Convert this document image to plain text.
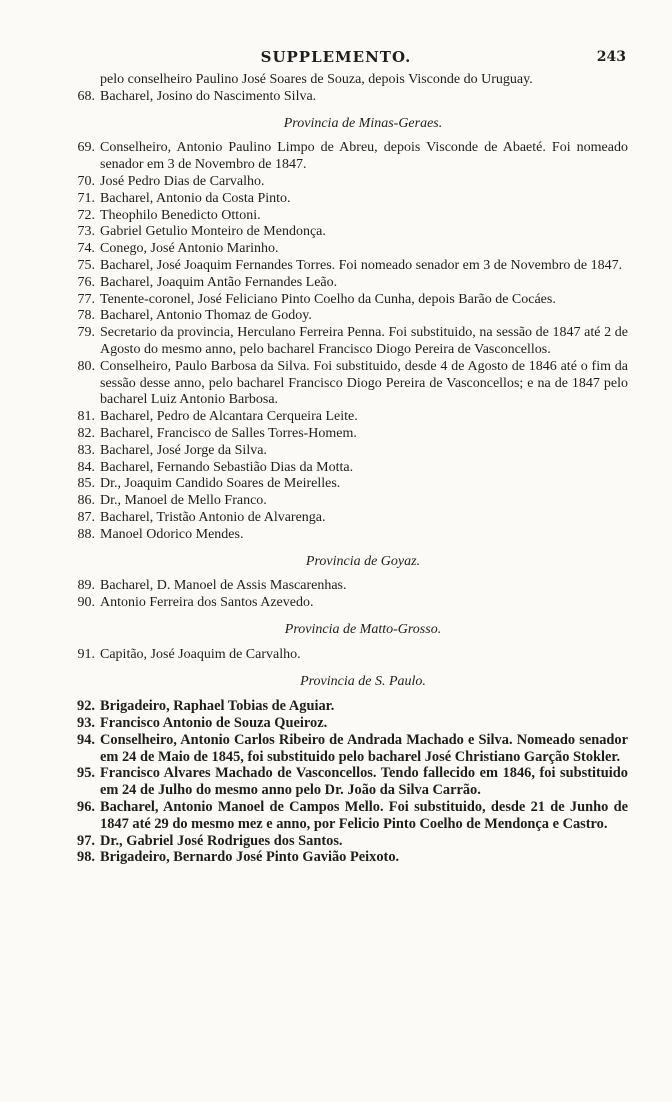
SUPPLEMENTO.	243
pelo conselheiro Paulino José Soares de Souza, depois Visconde do Uruguay.
68. Bacharel, Josino do Nascimento Silva.
Provincia de Minas-Geraes.
69. Conselheiro, Antonio Paulino Limpo de Abreu, depois Visconde de Abaeté. Foi nomeado senador em 3 de Novembro de 1847.
70. José Pedro Dias de Carvalho.
71. Bacharel, Antonio da Costa Pinto.
72. Theophilo Benedicto Ottoni.
73. Gabriel Getulio Monteiro de Mendonça.
74. Conego, José Antonio Marinho.
75. Bacharel, José Joaquim Fernandes Torres. Foi nomeado senador em 3 de Novembro de 1847.
76. Bacharel, Joaquim Antão Fernandes Leão.
77. Tenente-coronel, José Feliciano Pinto Coelho da Cunha, depois Barão de Cocáes.
78. Bacharel, Antonio Thomaz de Godoy.
79. Secretario da provincia, Herculano Ferreira Penna. Foi substituido, na sessão de 1847 até 2 de Agosto do mesmo anno, pelo bacharel Francisco Diogo Pereira de Vasconcellos.
80. Conselheiro, Paulo Barbosa da Silva. Foi substituido, desde 4 de Agosto de 1846 até o fim da sessão desse anno, pelo bacharel Francisco Diogo Pereira de Vasconcellos; e na de 1847 pelo bacharel Luiz Antonio Barbosa.
81. Bacharel, Pedro de Alcantara Cerqueira Leite.
82. Bacharel, Francisco de Salles Torres-Homem.
83. Bacharel, José Jorge da Silva.
84. Bacharel, Fernando Sebastião Dias da Motta.
85. Dr., Joaquim Candido Soares de Meirelles.
86. Dr., Manoel de Mello Franco.
87. Bacharel, Tristão Antonio de Alvarenga.
88. Manoel Odorico Mendes.
Provincia de Goyaz.
89. Bacharel, D. Manoel de Assis Mascarenhas.
90. Antonio Ferreira dos Santos Azevedo.
Provincia de Matto-Grosso.
91. Capitão, José Joaquim de Carvalho.
Provincia de S. Paulo.
92. Brigadeiro, Raphael Tobias de Aguiar.
93. Francisco Antonio de Souza Queiroz.
94. Conselheiro, Antonio Carlos Ribeiro de Andrada Machado e Silva. Nomeado senador em 24 de Maio de 1845, foi substituido pelo bacharel José Christiano Garção Stokler.
95. Francisco Alvares Machado de Vasconcellos. Tendo fallecido em 1846, foi substituido em 24 de Julho do mesmo anno pelo Dr. João da Silva Carrão.
96. Bacharel, Antonio Manoel de Campos Mello. Foi substituido, desde 21 de Junho de 1847 até 29 do mesmo mez e anno, por Felicio Pinto Coelho de Mendonça e Castro.
97. Dr., Gabriel José Rodrigues dos Santos.
98. Brigadeiro, Bernardo José Pinto Gavião Peixoto.
